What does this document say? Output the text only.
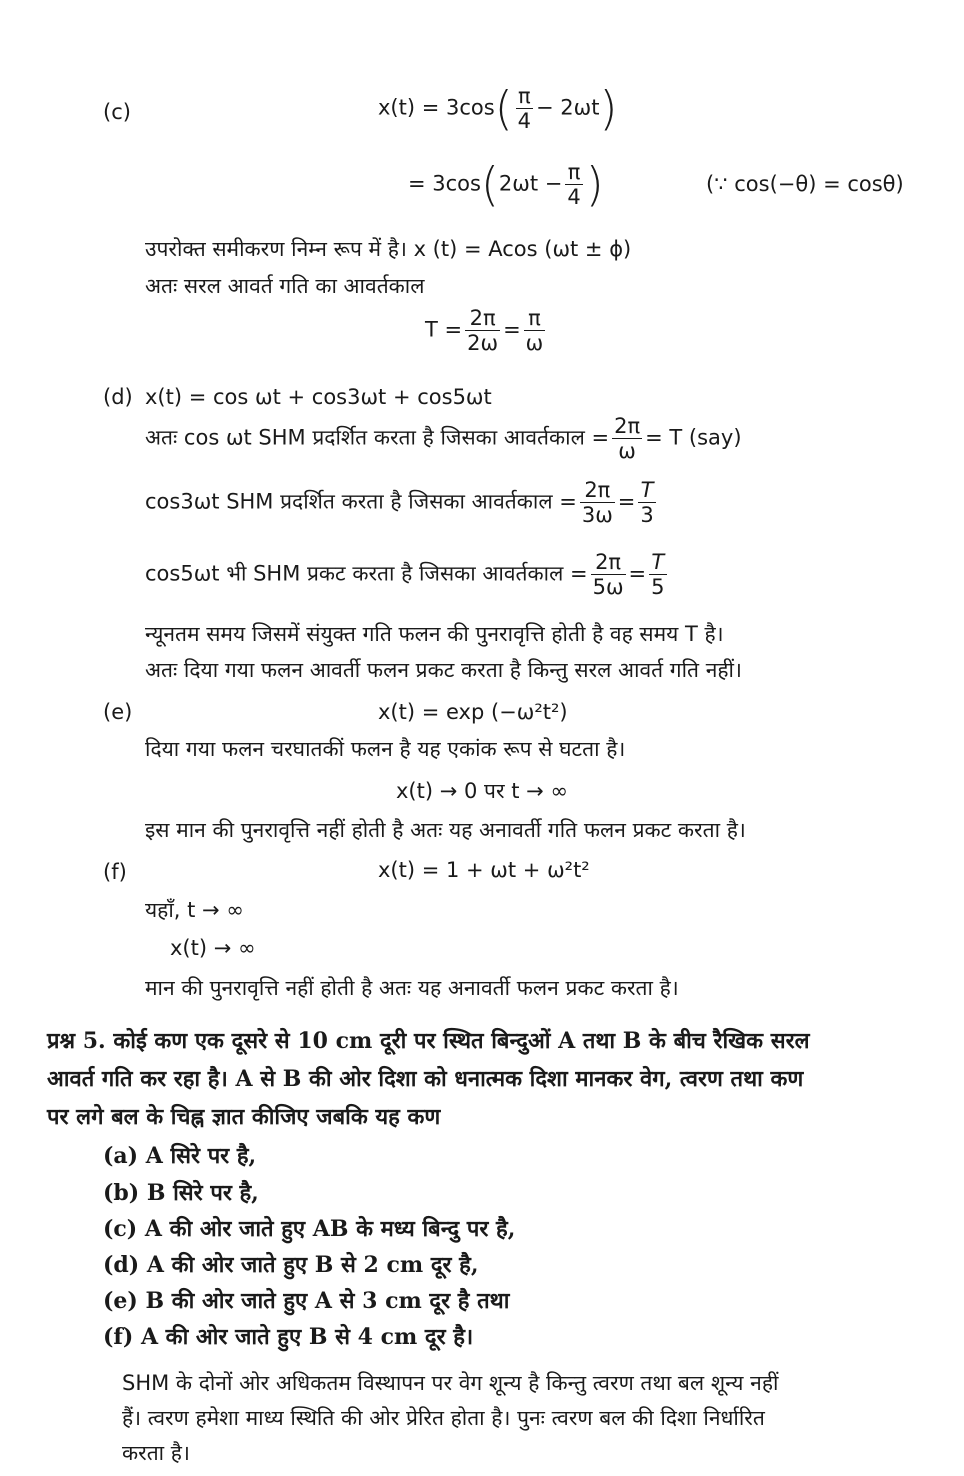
(c)	$x(t) = 3\cos( \frac{\pi}{4} - 2\omega t)$
= $3\cos(2\omega t - \frac{\pi}{4}$ )	(∵ cos(−θ) = cosθ)
उपरोक्त समीकरण निम्न रूप में है। x (t) = Acos (ωt ± ϕ)
अतः सरल आवर्त गति का आवर्तकाल
$T = \frac{2\pi}{2\omega} = \frac{\pi}{\omega}$
(d) x(t) = cos ωt + cos3ωt + cos5ωt
अतः cos ωt SHM प्रदर्शित करता है जिसका आवर्तकाल = $\frac{2\pi}{\omega} = T$ (say)
cos3ωt SHM प्रदर्शित करता है जिसका आवर्तकाल = $\frac{2\pi}{3\omega} = \frac{T}{3}$
cos5ωt भी SHM प्रकट करता है जिसका आवर्तकाल = $\frac{2\pi}{5\omega} = \frac{T}{5}$
न्यूनतम समय जिसमें संयुक्त गति फलन की पुनरावृत्ति होती है वह समय T है।
अतः दिया गया फलन आवर्ती फलन प्रकट करता है किन्तु सरल आवर्त गति नहीं।
(e)	x(t) = exp (−ω²t²)
दिया गया फलन चरघातकीं फलन है यह एकांक रूप से घटता है।
x(t) → 0 पर t → ∞
इस मान की पुनरावृत्ति नहीं होती है अतः यह अनावर्ती गति फलन प्रकट करता है।
(f)	x(t) = 1 + ωt + ω²t²
यहाँ, t → ∞
x(t) → ∞
मान की पुनरावृत्ति नहीं होती है अतः यह अनावर्ती फलन प्रकट करता है।
प्रश्न 5. कोई कण एक दूसरे से 10 cm दूरी पर स्थित बिन्दुओं A तथा B के बीच रैखिक सरल
आवर्त गति कर रहा है। A से B की ओर दिशा को धनात्मक दिशा मानकर वेग, त्वरण तथा कण
पर लगे बल के चिह्न ज्ञात कीजिए जबकि यह कण
(a) A सिरे पर है,
(b) B सिरे पर है,
(c) A की ओर जाते हुए AB के मध्य बिन्दु पर है,
(d) A की ओर जाते हुए B से 2 cm दूर है,
(e) B की ओर जाते हुए A से 3 cm दूर है तथा
(f) A की ओर जाते हुए B से 4 cm दूर है।
SHM के दोनों ओर अधिकतम विस्थापन पर वेग शून्य है किन्तु त्वरण तथा बल शून्य नहीं
हैं। त्वरण हमेशा माध्य स्थिति की ओर प्रेरित होता है। पुनः त्वरण बल की दिशा निर्धारित
करता है।
